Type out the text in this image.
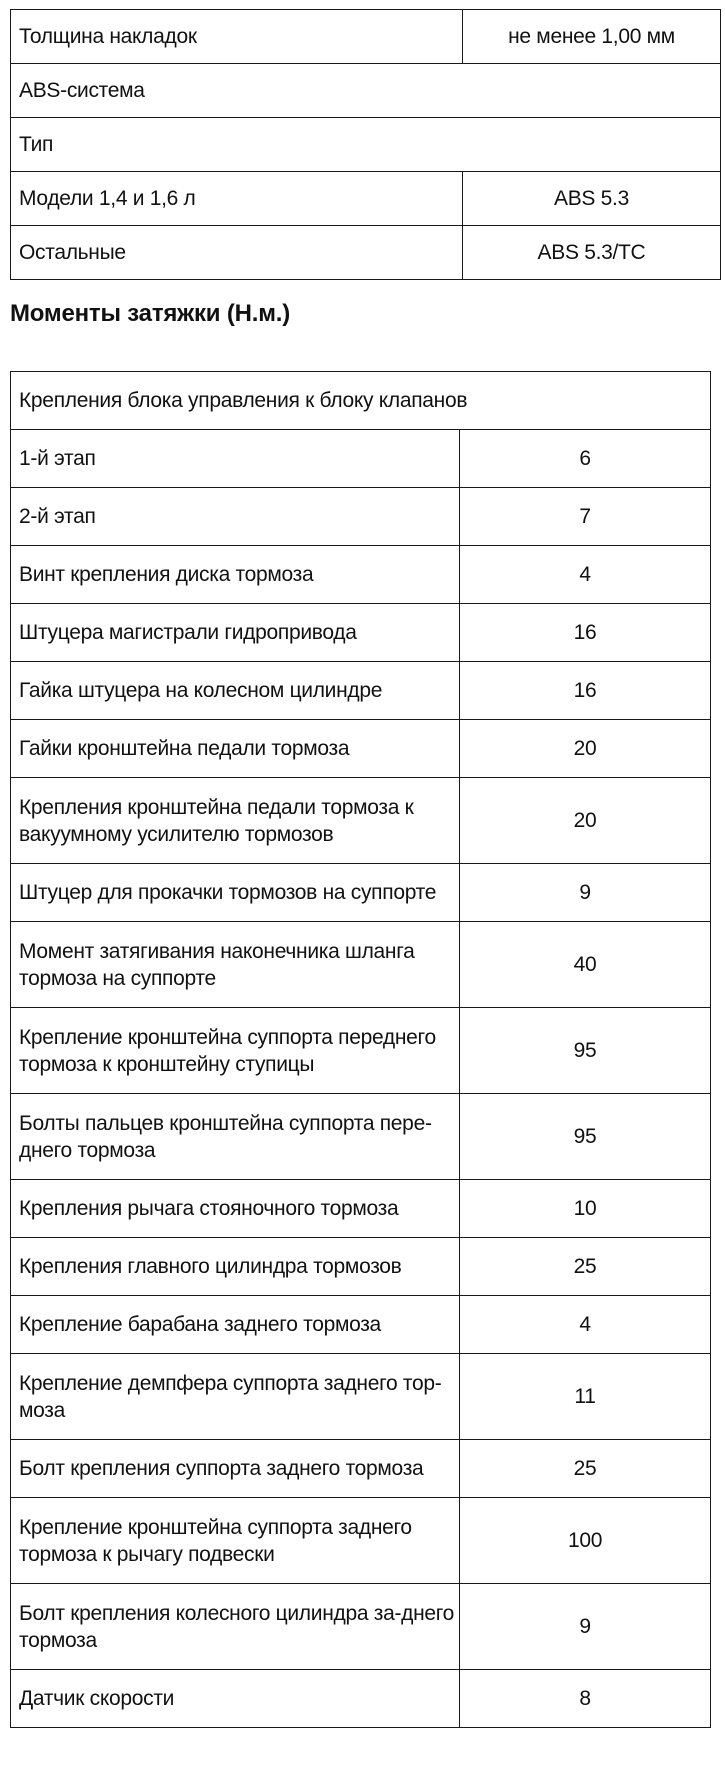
Толщина накладок	не менее 1,00 мм
ABS-система	
Тип	
Модели 1,4 и 1,6 л	ABS 5.3
Остальные	ABS 5.3/TC
Моменты затяжки (Н.м.)
Крепления блока управления к блоку клапанов	
1-й этап	6
2-й этап	7
Винт крепления диска тормоза	4
Штуцера магистрали гидропривода	16
Гайка штуцера на колесном цилиндре	16
Гайки кронштейна педали тормоза	20
Крепления кронштейна педали тормоза к вакуумному усилителю тормозов	20
Штуцер для прокачки тормозов на суппорте	9
Момент затягивания наконечника шланга тормоза на суппорте	40
Крепление кронштейна суппорта переднего тормоза к кронштейну ступицы	95
Болты пальцев кронштейна суппорта пере-днего тормоза	95
Крепления рычага стояночного тормоза	10
Крепления главного цилиндра тормозов	25
Крепление барабана заднего тормоза	4
Крепление демпфера суппорта заднего тор-моза	11
Болт крепления суппорта заднего тормоза	25
Крепление кронштейна суппорта заднего тормоза к рычагу подвески	100
Болт крепления колесного цилиндра за-днего тормоза	9
Датчик скорости	8
